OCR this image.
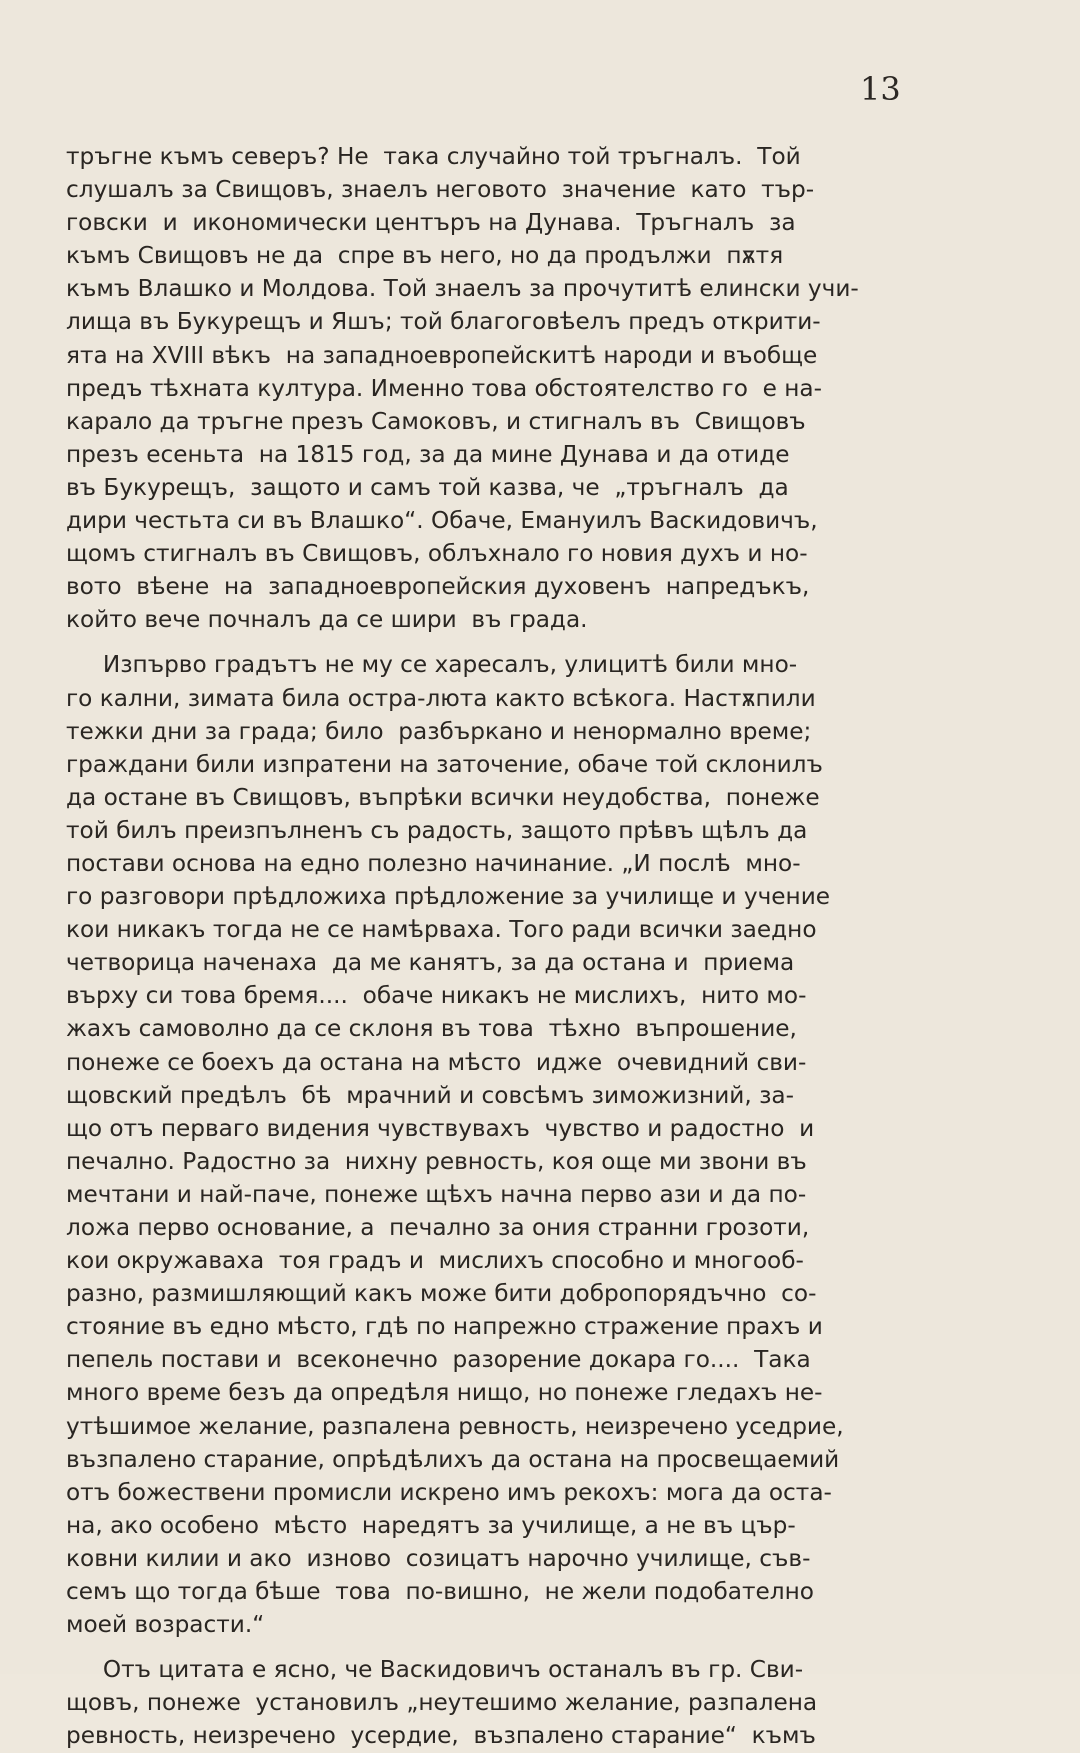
13
тръгне къмъ северъ? Не  така случайно той тръгналъ.  Той
слушалъ за Свищовъ, знаелъ неговото  значение  като  тър-
говски  и  икономически центъръ на Дунава.  Тръгналъ  за
къмъ Свищовъ не да  спре въ него, но да продължи  пѫтя
къмъ Влашко и Молдова. Той знаелъ за прочутитѣ елински учи-
лища въ Букурещъ и Яшъ; той благоговѣелъ предъ открити-
ята на XVIII вѣкъ  на западноевропейскитѣ народи и въобще
предъ тѣхната култура. Именно това обстоятелство го  е на-
карало да тръгне презъ Самоковъ, и стигналъ въ  Свищовъ
презъ есеньта  на 1815 год, за да мине Дунава и да отиде
въ Букурещъ,  защото и самъ той казва, че  „тръгналъ  да
дири честьта си въ Влашко“. Обаче, Емануилъ Васкидовичъ,
щомъ стигналъ въ Свищовъ, облъхнало го новия духъ и но-
вото  вѣене  на  западноевропейския духовенъ  напредъкъ,
който вече почналъ да се шири  въ града.
Изпърво градътъ не му се харесалъ, улицитѣ били мно-
го кални, зимата била остра-люта както всѣкога. Настѫпили
тежки дни за града; било  разбъркано и ненормално време;
граждани били изпратени на заточение, обаче той склонилъ
да остане въ Свищовъ, въпрѣки всички неудобства,  понеже
той билъ преизпълненъ съ радость, защото прѣвъ щѣлъ да
постави основа на едно полезно начинание. „И послѣ  мно-
го разговори прѣдложиха прѣдложение за училище и учение
кои никакъ тогда не се намѣрваха. Того ради всички заедно
четворица наченаха  да ме канятъ, за да остана и  приема
върху си това бремя....  обаче никакъ не мислихъ,  нито мо-
жахъ самоволно да се склоня въ това  тѣхно  въпрошение,
понеже се боехъ да остана на мѣсто  идже  очевидний сви-
щовский предѣлъ  бѣ  мрачний и совсѣмъ зиможизний, за-
що отъ перваго видения чувствувахъ  чувство и радостно  и
печално. Радостно за  нихну ревность, коя още ми звони въ
мечтани и най-паче, понеже щѣхъ начна перво ази и да по-
ложа перво основание, а  печално за ония странни грозоти,
кои окружаваха  тоя градъ и  мислихъ способно и многооб-
разно, размишляющий какъ може бити добропорядъчно  со-
стояние въ едно мѣсто, гдѣ по напрежно стражение прахъ и
пепель постави и  всеконечно  разорение докара го....  Така
много време безъ да опредѣля нищо, но понеже гледахъ не-
утѣшимое желание, разпалена ревность, неизречено уседрие,
възпалено старание, опрѣдѣлихъ да остана на просвещаемий
отъ божествени промисли искрено имъ рекохъ: мога да оста-
на, ако особено  мѣсто  наредятъ за училище, а не въ цър-
ковни килии и ако  изново  созицатъ нарочно училище, съв-
семъ що тогда бѣше  това  по-вишно,  не жели подобателно
моей возрасти.“
Отъ цитата е ясно, че Васкидовичъ останалъ въ гр. Сви-
щовъ, понеже  установилъ „неутешимо желание, разпалена
ревность, неизречено  усердие,  възпалено старание“  къмъ
